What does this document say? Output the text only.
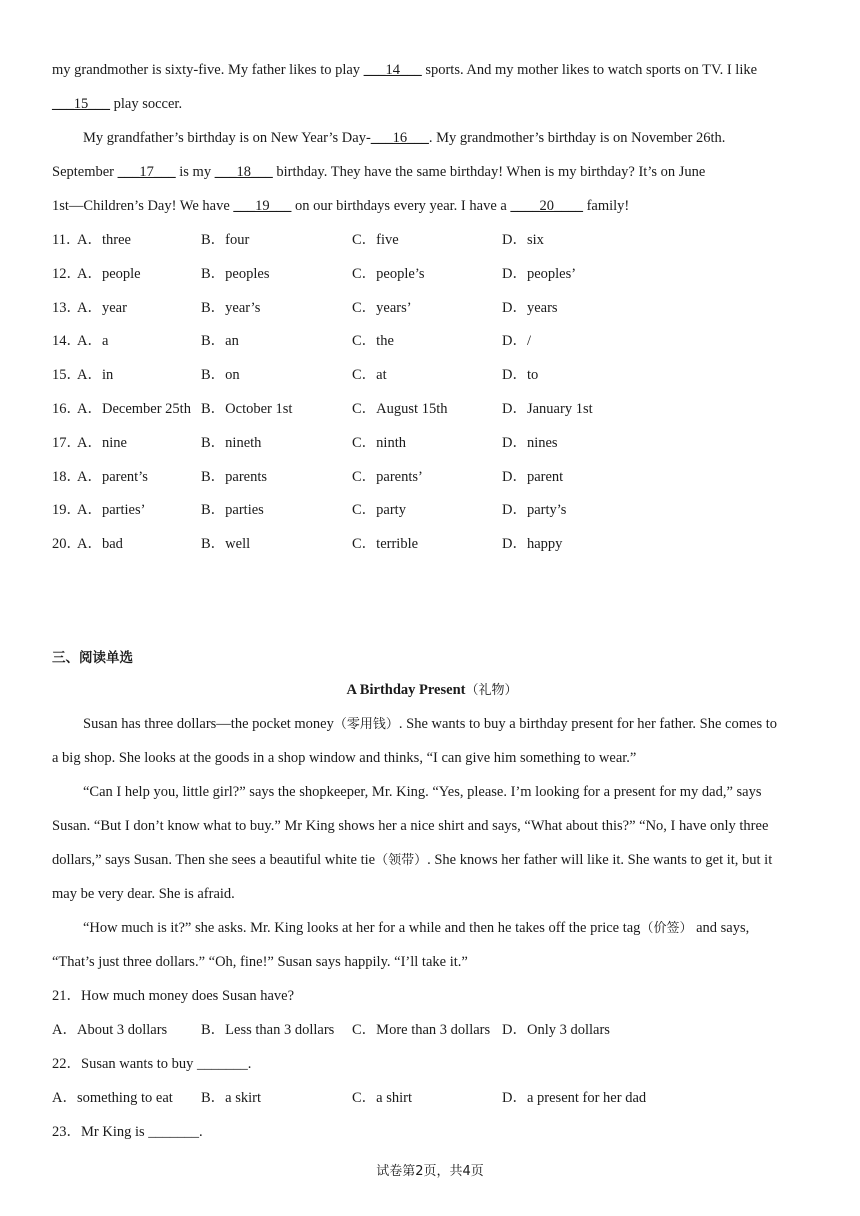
my grandmother is sixty-five. My father likes to play ___14___ sports. And my mother likes to watch sports on TV. I like
___15___ play soccer.
My grandfather’s birthday is on New Year’s Day-___16___. My grandmother’s birthday is on November 26th.
September ___17___ is my ___18___ birthday. They have the same birthday! When is my birthday? It’s on June
1st—Children’s Day! We have ___19___ on our birthdays every year. I have a ____20____ family!
11．
A．three	B．four	C．five	D．six
12．
A．people	B．peoples	C．people’s	D．peoples’
13．
A．year	B．year’s	C．years’	D．years
14．
A．a	B．an	C．the	D．/
15．
A．in	B．on	C．at	D．to
16．
A．December 25th B．October 1st	C．August 15th	D．January 1st
17．
A．nine	B．nineth	C．ninth	D．nines
18．
A．parent’s	B．parents	C．parents’	D．parent
19．
A．parties’	B．parties	C．party	D．party’s
20．
A．bad	B．well	C．terrible	D．happy
三、阅读单选
A Birthday Present（礼物）
Susan has three dollars—the pocket money（零用钱）. She wants to buy a birthday present for her father. She comes to
a big shop. She looks at the goods in a shop window and thinks, “I can give him something to wear.”
“Can I help you, little girl?” says the shopkeeper, Mr. King. “Yes, please. I’m looking for a present for my dad,” says
Susan. “But I don’t know what to buy.” Mr King shows her a nice shirt and says, “What about this?” “No, I have only three
dollars,” says Susan. Then she sees a beautiful white tie（领带）. She knows her father will like it. She wants to get it, but it
may be very dear. She is afraid.
“How much is it?” she asks. Mr. King looks at her for a while and then he takes off the price tag（价签） and says,
“That’s just three dollars.” “Oh, fine!” Susan says happily. “I’ll take it.”
21．How much money does Susan have?
A．About 3 dollars B．Less than 3 dollars C．More than 3 dollars D．Only 3 dollars
22．Susan wants to buy _______.
A．something to eat B．a skirt	C．a shirt	D．a present for her dad
23．Mr King is _______.
试卷第2页，共4页
